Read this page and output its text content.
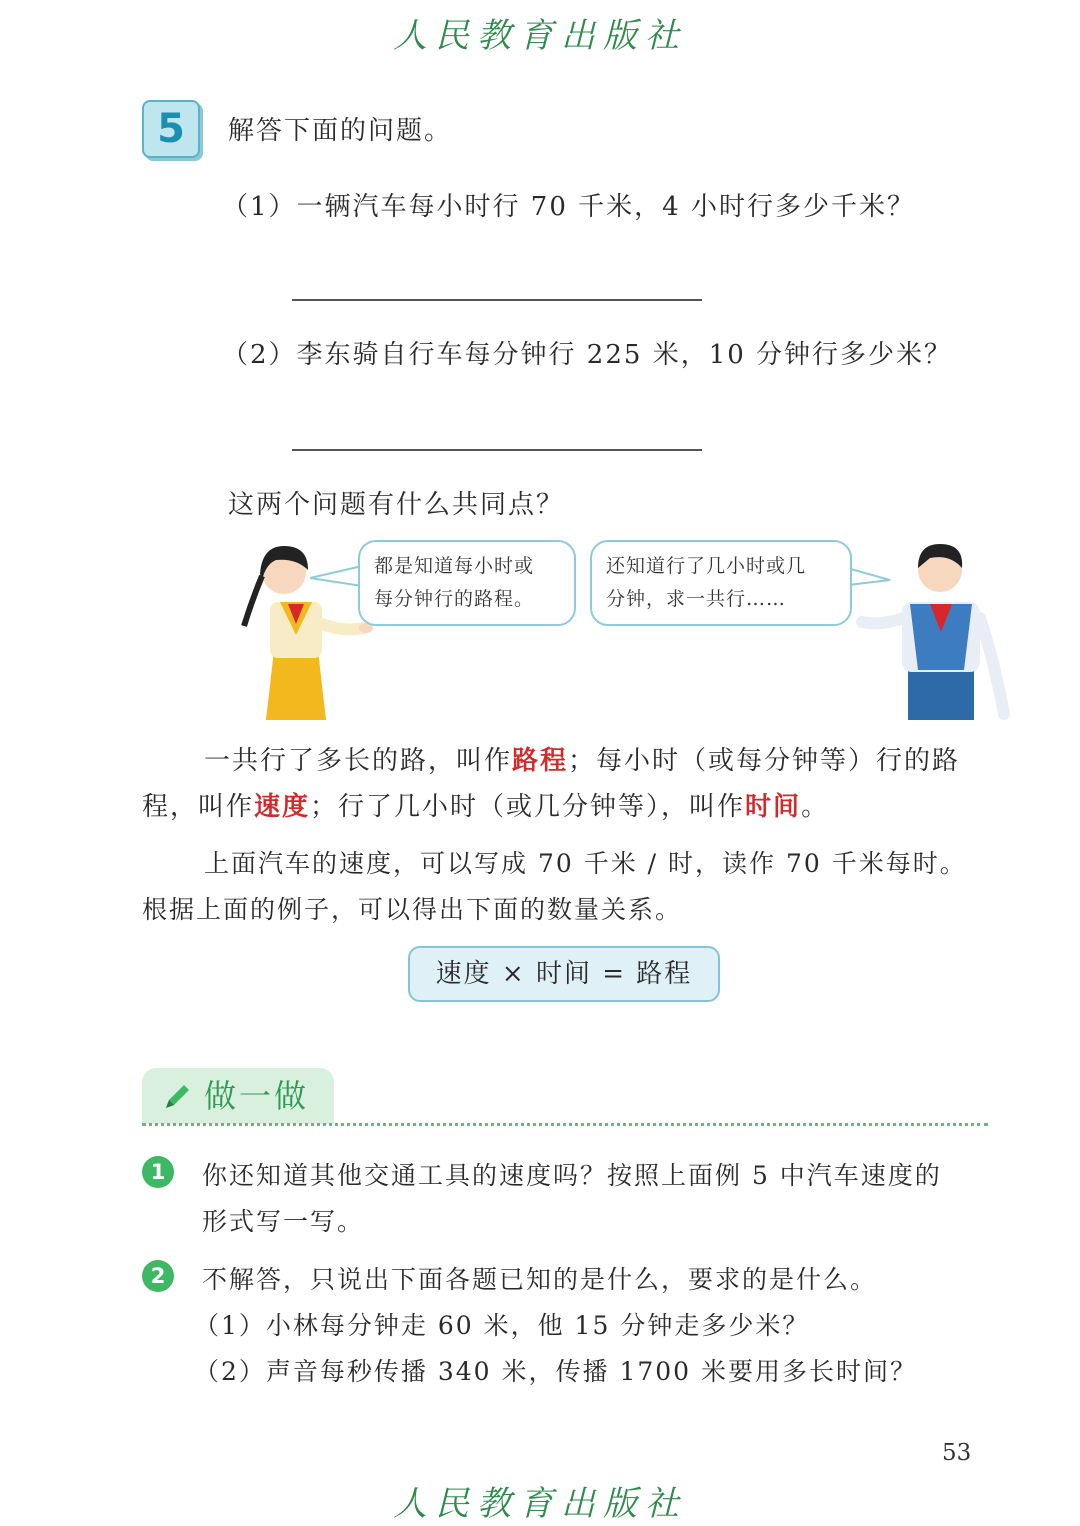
人民教育出版社
5	解答下面的问题。
（1）一辆汽车每小时行 70 千米，4 小时行多少千米？
（2）李东骑自行车每分钟行 225 米，10 分钟行多少米？
这两个问题有什么共同点？
都是知道每小时或
每分钟行的路程。
还知道行了几小时或几
分钟，求一共行……
一共行了多长的路，叫作路程；每小时（或每分钟等）行的路
程，叫作速度；行了几小时（或几分钟等），叫作时间。
上面汽车的速度，可以写成 70 千米 / 时，读作 70 千米每时。
根据上面的例子，可以得出下面的数量关系。
速度 × 时间 = 路程
做一做
1	你还知道其他交通工具的速度吗？按照上面例 5 中汽车速度的
形式写一写。
2	不解答，只说出下面各题已知的是什么，要求的是什么。
（1）小林每分钟走 60 米，他 15 分钟走多少米？
（2）声音每秒传播 340 米，传播 1700 米要用多长时间？
53
人民教育出版社
